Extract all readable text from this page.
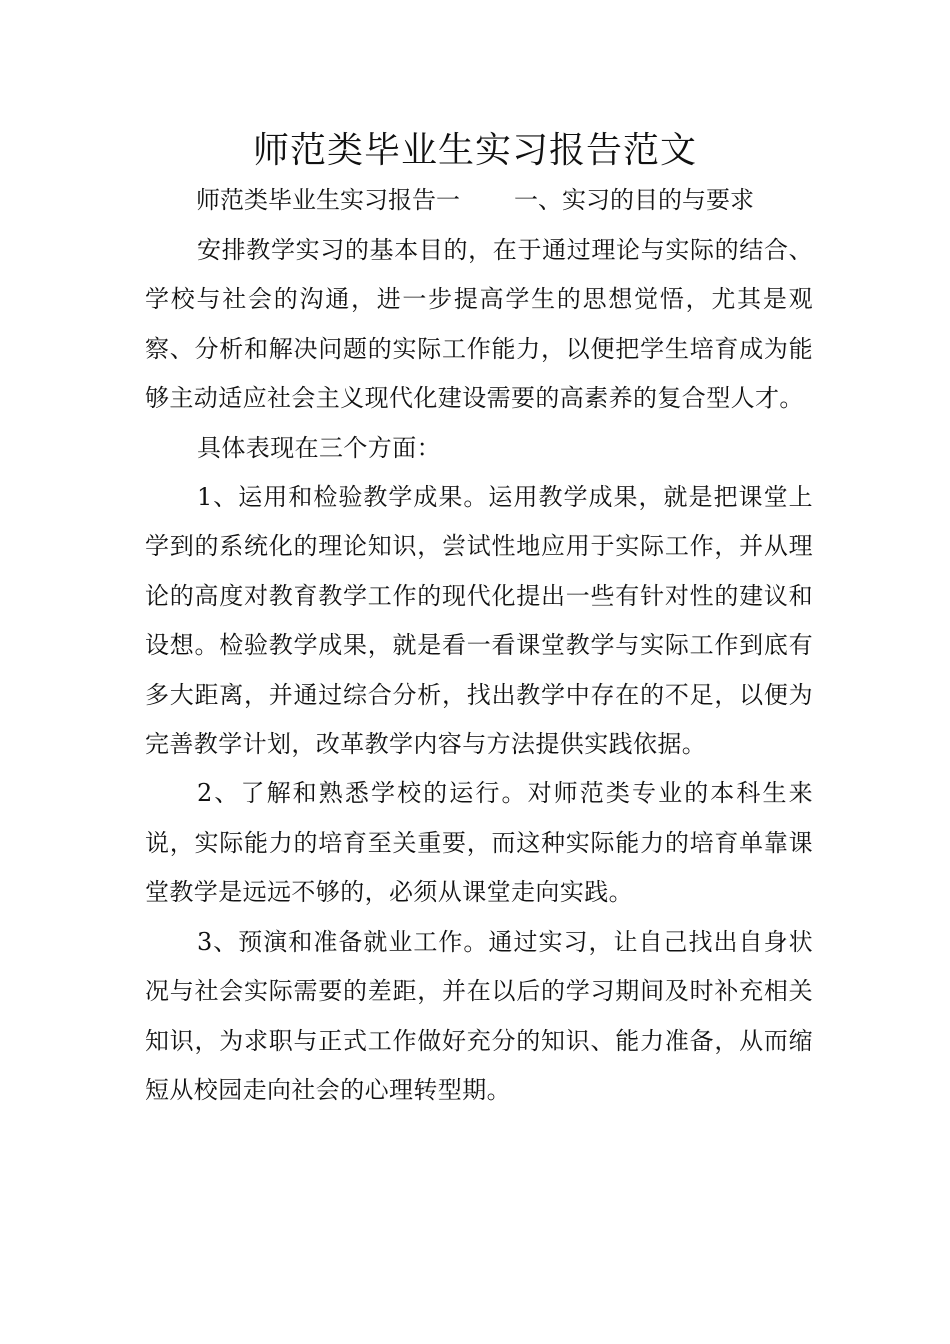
师范类毕业生实习报告范文
师范类毕业生实习报告一 一、实习的目的与要求

安排教学实习的基本目的，在于通过理论与实际的结合、学校与社会的沟通，进一步提高学生的思想觉悟，尤其是观察、分析和解决问题的实际工作能力，以便把学生培育成为能够主动适应社会主义现代化建设需要的高素养的复合型人才。

具体表现在三个方面：

1、运用和检验教学成果。运用教学成果，就是把课堂上学到的系统化的理论知识，尝试性地应用于实际工作，并从理论的高度对教育教学工作的现代化提出一些有针对性的建议和设想。检验教学成果，就是看一看课堂教学与实际工作到底有多大距离，并通过综合分析，找出教学中存在的不足，以便为完善教学计划，改革教学内容与方法提供实践依据。

2、了解和熟悉学校的运行。对师范类专业的本科生来说，实际能力的培育至关重要，而这种实际能力的培育单靠课堂教学是远远不够的，必须从课堂走向实践。

3、预演和准备就业工作。通过实习，让自己找出自身状况与社会实际需要的差距，并在以后的学习期间及时补充相关知识，为求职与正式工作做好充分的知识、能力准备，从而缩短从校园走向社会的心理转型期。
